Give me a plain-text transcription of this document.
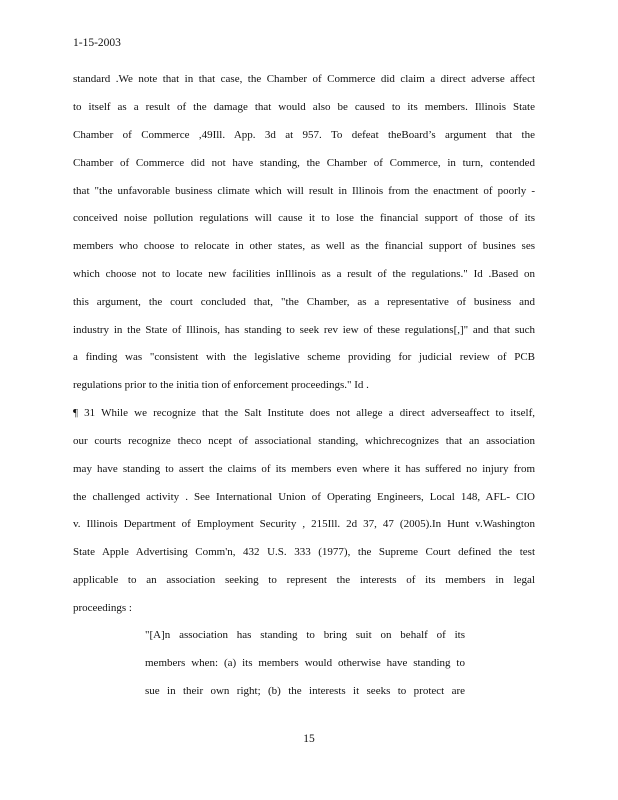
1-15-2003
standard .We note that in that case, the Chamber of Commerce did claim a direct adverse affect
to itself as a result of the damage that would also be caused to its members. Illinois State
Chamber of Commerce ,49Ill. App. 3d at 957. To defeat theBoard’s argument that the
Chamber of Commerce did not have standing, the Chamber of Commerce, in turn, contended
that "the unfavorable business climate which will result in Illinois from the enactment of poorly -
conceived noise pollution regulations will cause it to lose the financial support of those of its
members who choose to relocate in other states, as well as the financial support of busines ses
which choose not to locate new facilities inIllinois as a result of the regulations." Id .Based on
this argument, the court concluded that, "the Chamber, as a representative of business and
industry in the State of Illinois, has standing to seek rev iew of these regulations[,]" and that such
a finding was "consistent with the legislative scheme providing for judicial review of PCB
regulations prior to the initia tion of enforcement proceedings." Id .
¶ 31 While we recognize that the Salt Institute does not allege a direct adverseaffect to itself,
our courts recognize theco ncept of associational standing, whichrecognizes that an association
may have standing to assert the claims of its members even where it has suffered no injury from
the challenged activity . See International Union of Operating Engineers, Local 148, AFL- CIO
v. Illinois Department of Employment Security , 215Ill. 2d 37, 47 (2005).In Hunt v.Washington
State Apple Advertising Comm'n, 432 U.S. 333 (1977), the Supreme Court defined the test
applicable to an association seeking to represent the interests of its members in legal
proceedings :
"[A]n association has standing to bring suit on behalf of its
members when: (a) its members would otherwise have standing to
sue in their own right; (b) the interests it seeks to protect are
15
